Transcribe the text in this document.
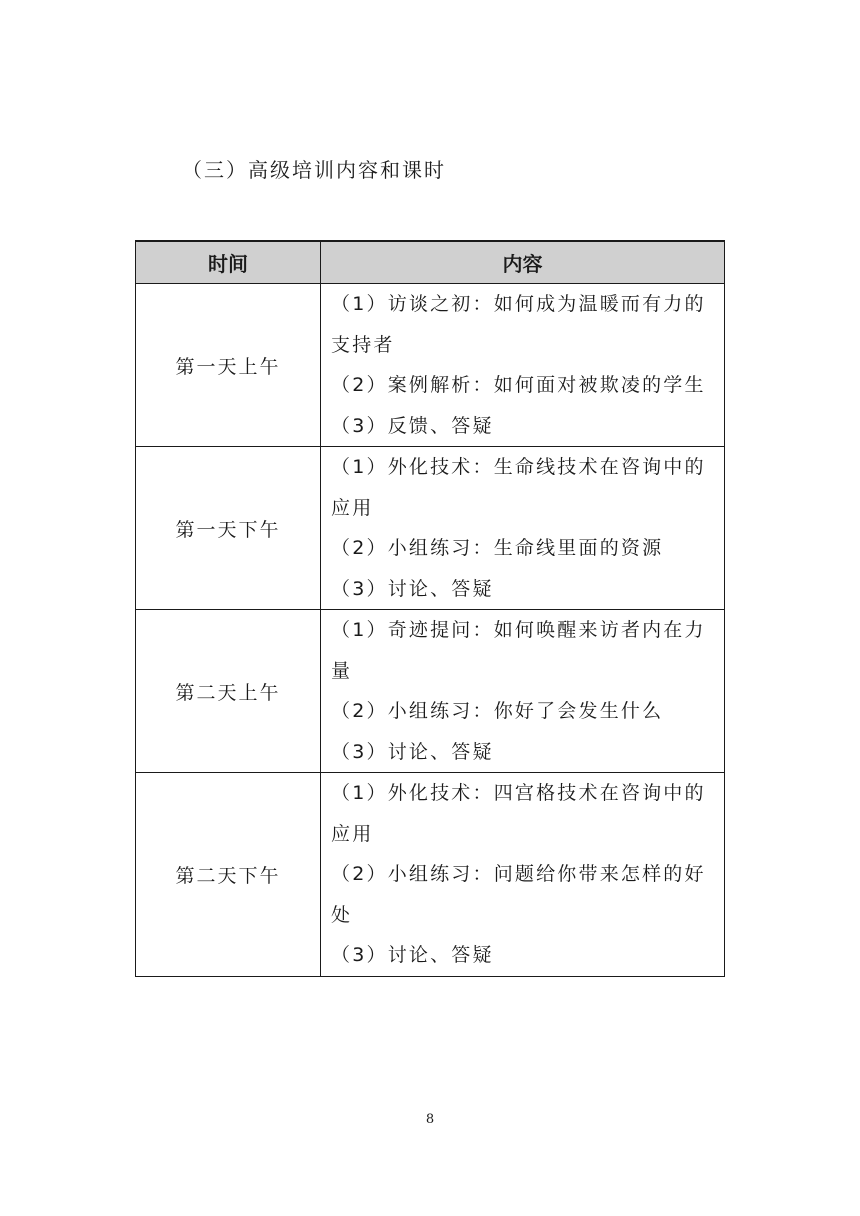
（三）高级培训内容和课时
时间	内容
第一天上午	（1）访谈之初：如何成为温暖而有力的支持者
（2）案例解析：如何面对被欺凌的学生
（3）反馈、答疑

第一天下午	（1）外化技术：生命线技术在咨询中的应用
（2）小组练习：生命线里面的资源
（3）讨论、答疑

第二天上午	（1）奇迹提问：如何唤醒来访者内在力量
（2）小组练习：你好了会发生什么
（3）讨论、答疑

第二天下午	（1）外化技术：四宫格技术在咨询中的应用
（2）小组练习：问题给你带来怎样的好处
（3）讨论、答疑
8
